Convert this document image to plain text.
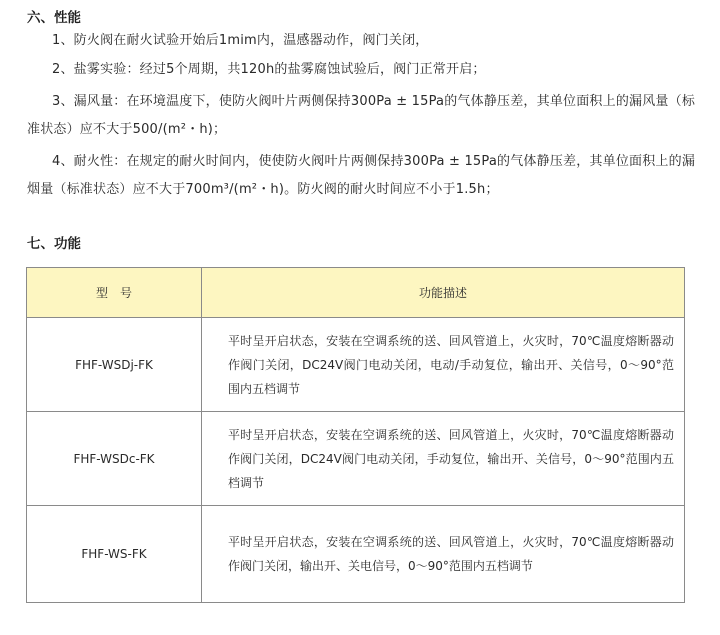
六、性能
1、防火阀在耐火试验开始后1mim内，温感器动作，阀门关闭，
2、盐雾实验：经过5个周期，共120h的盐雾腐蚀试验后，阀门正常开启；
3、漏风量：在环境温度下，使防火阀叶片两侧保持300Pa ± 15Pa的气体静压差，其单位面积上的漏风量（标准状态）应不大于500/(m²・h)；
4、耐火性：在规定的耐火时间内，使使防火阀叶片两侧保持300Pa ± 15Pa的气体静压差，其单位面积上的漏烟量（标准状态）应不大于700m³/(m²・h)。防火阀的耐火时间应不小于1.5h；
七、功能
型　号	功能描述
FHF-WSDj-FK	平时呈开启状态，安装在空调系统的送、回风管道上，火灾时，70℃温度熔断器动作阀门关闭，DC24V阀门电动关闭，电动/手动复位，输出开、关信号，0～90°范围内五档调节
FHF-WSDc-FK	平时呈开启状态，安装在空调系统的送、回风管道上，火灾时，70℃温度熔断器动作阀门关闭，DC24V阀门电动关闭，手动复位，输出开、关信号，0～90°范围内五档调节
FHF-WS-FK	平时呈开启状态，安装在空调系统的送、回风管道上，火灾时，70℃温度熔断器动作阀门关闭，输出开、关电信号，0～90°范围内五档调节
